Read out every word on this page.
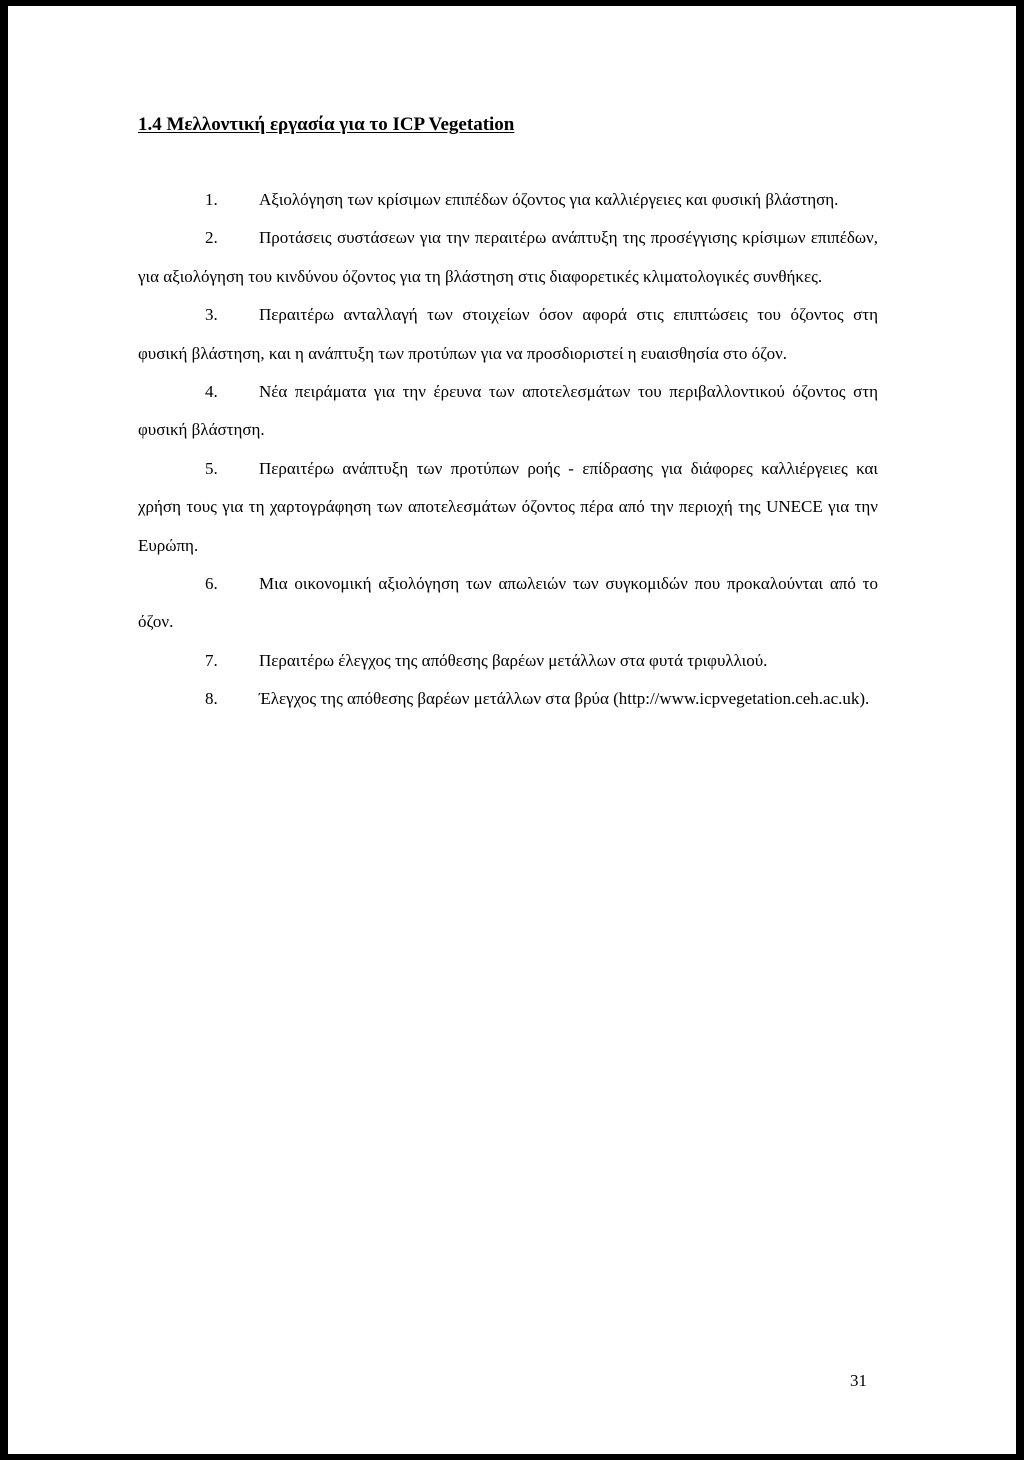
1.4 Μελλοντική εργασία για το ICP Vegetation

1. Αξιολόγηση των κρίσιμων επιπέδων όζοντος για καλλιέργειες και φυσική βλάστηση.

2. Προτάσεις συστάσεων για την περαιτέρω ανάπτυξη της προσέγγισης κρίσιμων επιπέδων, για αξιολόγηση του κινδύνου όζοντος για τη βλάστηση στις διαφορετικές κλιματολογικές συνθήκες.

3. Περαιτέρω ανταλλαγή των στοιχείων όσον αφορά στις επιπτώσεις του όζοντος στη φυσική βλάστηση, και η ανάπτυξη των προτύπων για να προσδιοριστεί η ευαισθησία στο όζον.

4. Νέα πειράματα για την έρευνα των αποτελεσμάτων του περιβαλλοντικού όζοντος στη φυσική βλάστηση.

5. Περαιτέρω ανάπτυξη των προτύπων ροής - επίδρασης για διάφορες καλλιέργειες και χρήση τους για τη χαρτογράφηση των αποτελεσμάτων όζοντος πέρα από την περιοχή της UNECE για την Ευρώπη.

6. Μια οικονομική αξιολόγηση των απωλειών των συγκομιδών που προκαλούνται από το όζον.

7. Περαιτέρω έλεγχος της απόθεσης βαρέων μετάλλων στα φυτά τριφυλλιού.

8. Έλεγχος της απόθεσης βαρέων μετάλλων στα βρύα (http://www.icpvegetation.ceh.ac.uk).

31
